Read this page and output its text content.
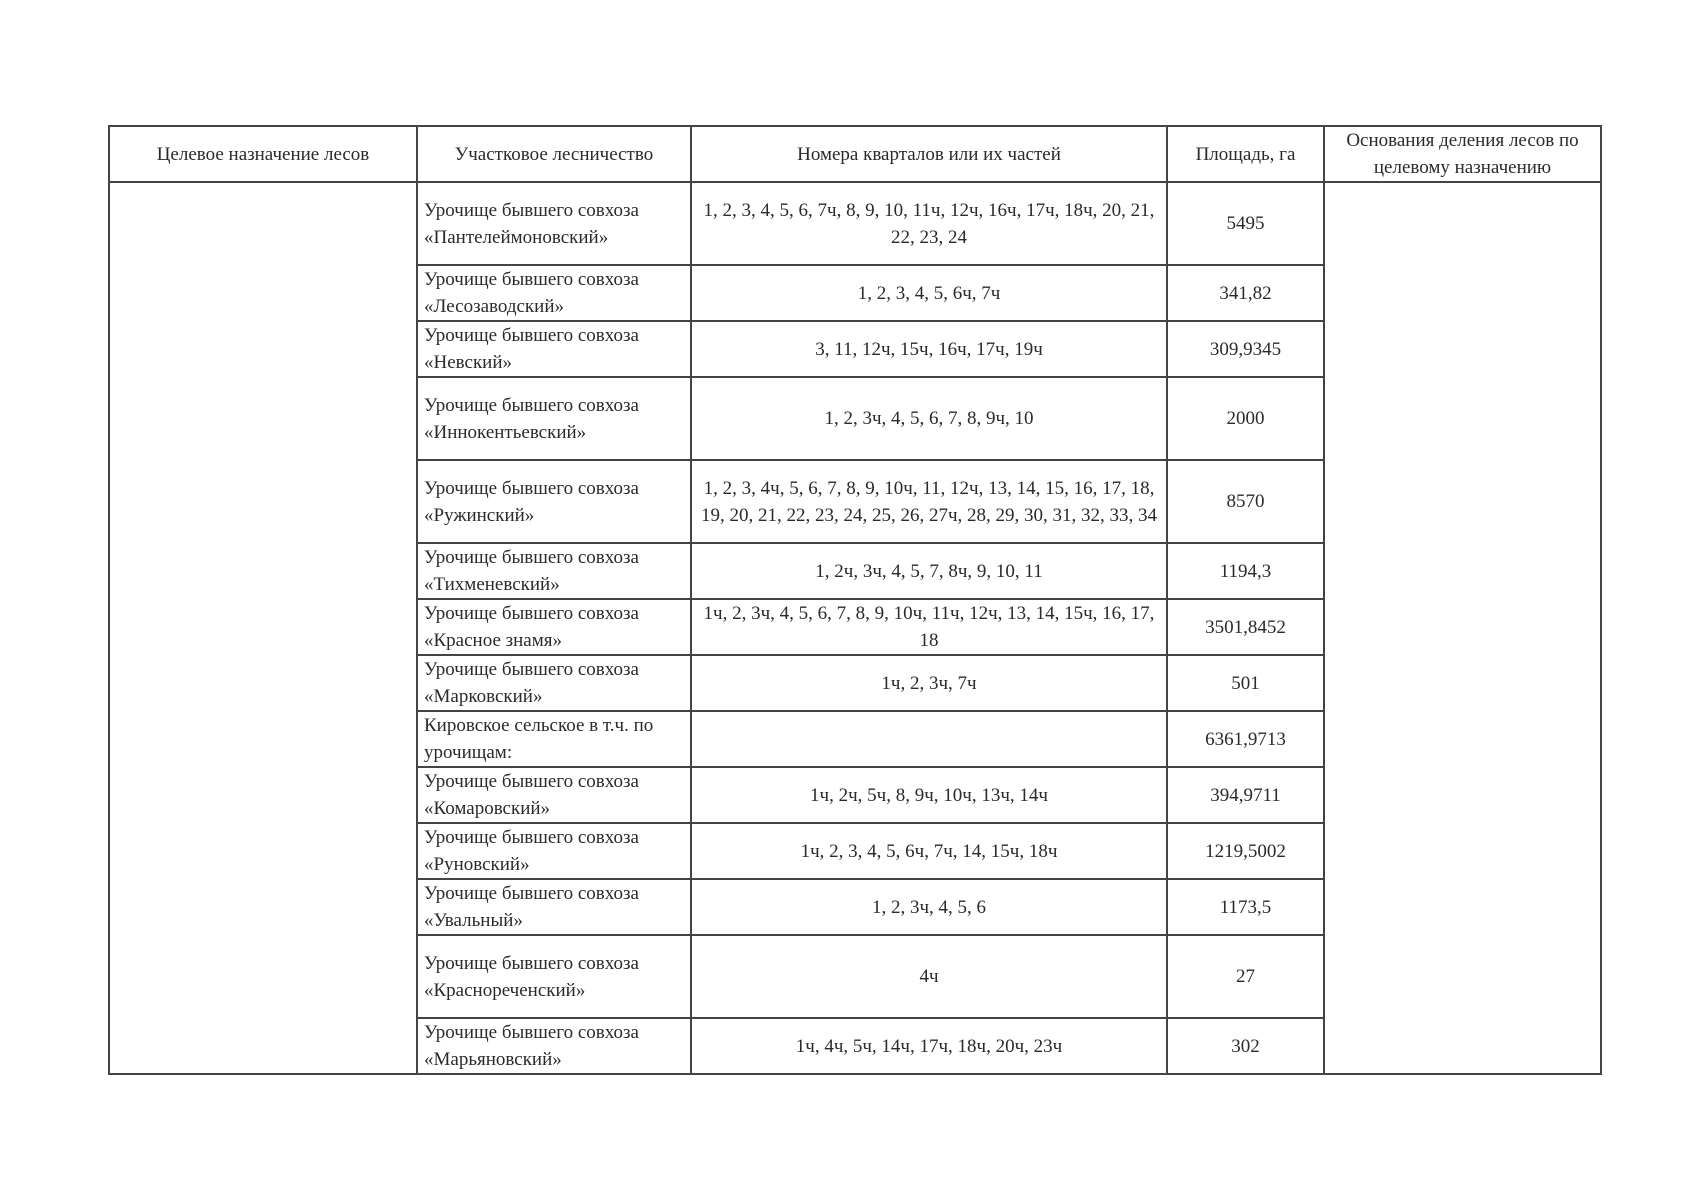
Целевое назначение лесов	Участковое лесничество	Номера кварталов или их частей	Площадь, га	Основания деления лесов по целевому назначению
	Урочище бывшего совхоза «Пантелеймоновский»	1, 2, 3, 4, 5, 6, 7ч, 8, 9, 10, 11ч, 12ч, 16ч, 17ч, 18ч, 20, 21, 22, 23, 24	5495	
	Урочище бывшего совхоза «Лесозаводский»	1, 2, 3, 4, 5, 6ч, 7ч	341,82	
	Урочище бывшего совхоза «Невский»	3, 11, 12ч, 15ч, 16ч, 17ч, 19ч	309,9345	
	Урочище бывшего совхоза «Иннокентьевский»	1, 2, 3ч, 4, 5, 6, 7, 8, 9ч, 10	2000	
	Урочище бывшего совхоза «Ружинский»	1, 2, 3, 4ч, 5, 6, 7, 8, 9, 10ч, 11, 12ч, 13, 14, 15, 16, 17, 18, 19, 20, 21, 22, 23, 24, 25, 26, 27ч, 28, 29, 30, 31, 32, 33, 34	8570	
	Урочище бывшего совхоза «Тихменевский»	1, 2ч, 3ч, 4, 5, 7, 8ч, 9, 10, 11	1194,3	
	Урочище бывшего совхоза «Красное знамя»	1ч, 2, 3ч, 4, 5, 6, 7, 8, 9, 10ч, 11ч, 12ч, 13, 14, 15ч, 16, 17, 18	3501,8452	
	Урочище бывшего совхоза «Марковский»	1ч, 2, 3ч, 7ч	501	
	Кировское сельское в т.ч. по урочищам:		6361,9713	
	Урочище бывшего совхоза «Комаровский»	1ч, 2ч, 5ч, 8, 9ч, 10ч, 13ч, 14ч	394,9711	
	Урочище бывшего совхоза «Руновский»	1ч, 2, 3, 4, 5, 6ч, 7ч, 14, 15ч, 18ч	1219,5002	
	Урочище бывшего совхоза «Увальный»	1, 2, 3ч, 4, 5, 6	1173,5	
	Урочище бывшего совхоза «Краснореченский»	4ч	27	
	Урочище бывшего совхоза «Марьяновский»	1ч, 4ч, 5ч, 14ч, 17ч, 18ч, 20ч, 23ч	302	
